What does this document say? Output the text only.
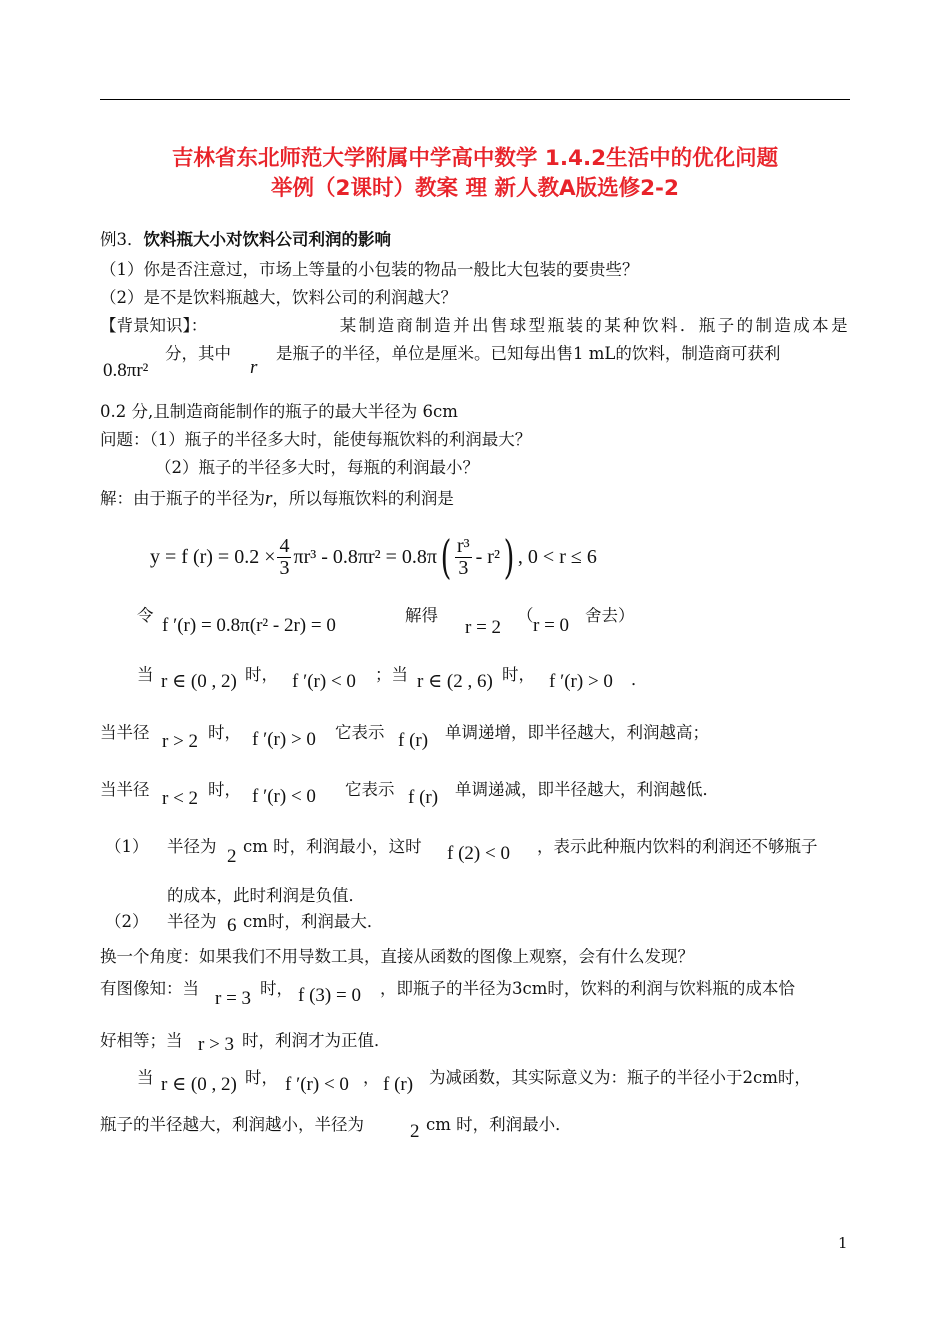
吉林省东北师范大学附属中学高中数学 1.4.2生活中的优化问题
举例（2课时）教案 理 新人教A版选修2-2
例3．饮料瓶大小对饮料公司利润的影响
（1）你是否注意过，市场上等量的小包装的物品一般比大包装的要贵些？
（2）是不是饮料瓶越大，饮料公司的利润越大？
【背景知识】：	某制造商制造并出售球型瓶装的某种饮料．瓶子的制造成本是
0.8πr²
分，其中
r
是瓶子的半径，单位是厘米。已知每出售1 mL的饮料，制造商可获利
0.2 分,且制造商能制作的瓶子的最大半径为 6cm
问题：（1）瓶子的半径多大时，能使每瓶饮料的利润最大？
（2）瓶子的半径多大时，每瓶的利润最小？
解：由于瓶子的半径为r，所以每瓶饮料的利润是
y = f $(r) = 0.2 \times \frac{4}{3} \pi r^3 - 0.8\pi r^2 = 0.8\pi$ ( $\frac{\text{r³}}{3} - r^2$ ) , 0 < r ≤ 6
令 f ′(r) = 0.8π(r² - 2r) = 0	解得
r = 2
（ r = 0 舍去）
当 r ∈ (0 , 2) 时， f ′(r) < 0 ；当 r ∈ (2 , 6) 时， f ′(r) > 0 ．
当半径 r > 2 时， f ′(r) > 0 它表示 f (r) 单调递增，即半径越大，利润越高；
当半径 r < 2 时， f ′(r) < 0 它表示 f (r) 单调递减，即半径越大，利润越低．
（1） 半径为 2 cm 时，利润最小，这时 f (2) < 0 ，表示此种瓶内饮料的利润还不够瓶子
的成本，此时利润是负值．
（2） 半径为 6 cm时，利润最大．
换一个角度：如果我们不用导数工具，直接从函数的图像上观察，会有什么发现？
有图像知：当 r = 3 时， f (3) = 0 ，即瓶子的半径为3cm时，饮料的利润与饮料瓶的成本恰
好相等；当 r > 3 时，利润才为正值．
当 r ∈ (0 , 2) 时， f ′(r) < 0 ， f (r) 为减函数，其实际意义为：瓶子的半径小于2cm时，
瓶子的半径越大，利润越小，半径为 2 cm 时，利润最小．
1
